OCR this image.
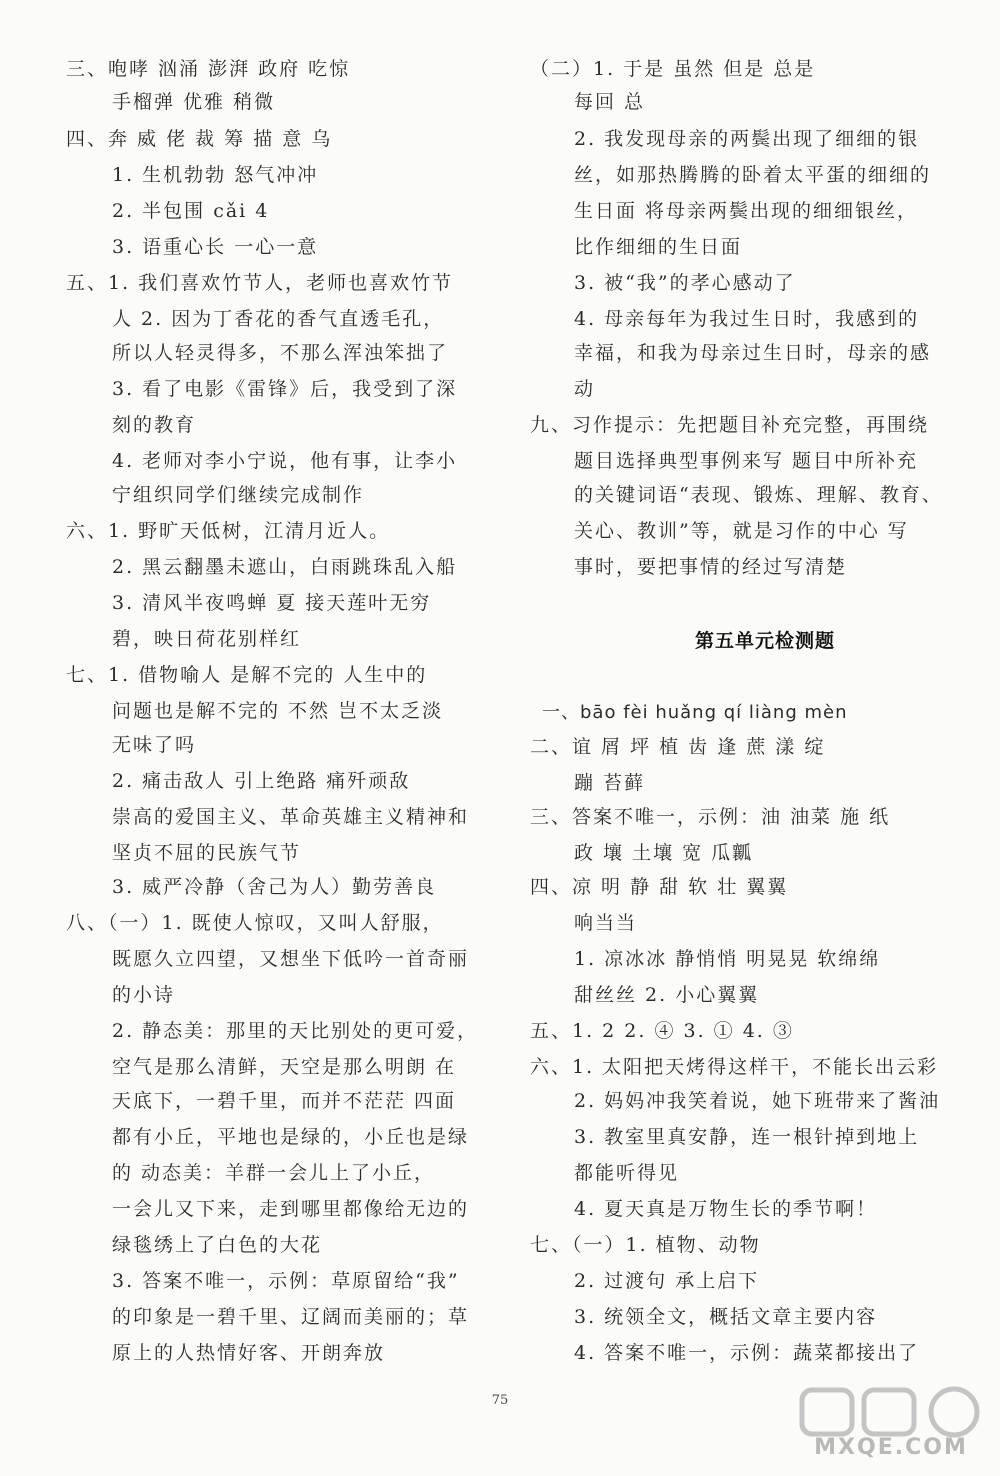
三、咆哮 汹涌 澎湃 政府 吃惊
手榴弹 优雅 稍微
四、奔 威 佬 裁 筹 描 意 乌
1. 生机勃勃 怒气冲冲
2. 半包围 cǎi 4
3. 语重心长 一心一意
五、1. 我们喜欢竹节人，老师也喜欢竹节
人 2. 因为丁香花的香气直透毛孔，
所以人轻灵得多，不那么浑浊笨拙了
3. 看了电影《雷锋》后，我受到了深
刻的教育
4. 老师对李小宁说，他有事，让李小
宁组织同学们继续完成制作
六、1. 野旷天低树，江清月近人。
2. 黑云翻墨未遮山，白雨跳珠乱入船
3. 清风半夜鸣蝉 夏 接天莲叶无穷
碧，映日荷花别样红
七、1. 借物喻人 是解不完的 人生中的
问题也是解不完的 不然 岂不太乏淡
无味了吗
2. 痛击敌人 引上绝路 痛歼顽敌
崇高的爱国主义、革命英雄主义精神和
坚贞不屈的民族气节
3. 威严冷静（舍己为人）勤劳善良
八、（一）1. 既使人惊叹，又叫人舒服，
既愿久立四望，又想坐下低吟一首奇丽
的小诗
2. 静态美：那里的天比别处的更可爱，
空气是那么清鲜，天空是那么明朗 在
天底下，一碧千里，而并不茫茫 四面
都有小丘，平地也是绿的，小丘也是绿
的 动态美：羊群一会儿上了小丘，
一会儿又下来，走到哪里都像给无边的
绿毯绣上了白色的大花
3. 答案不唯一，示例：草原留给“我”
的印象是一碧千里、辽阔而美丽的；草
原上的人热情好客、开朗奔放
（二）1. 于是 虽然 但是 总是
每回 总
2. 我发现母亲的两鬓出现了细细的银
丝，如那热腾腾的卧着太平蛋的细细的
生日面 将母亲两鬓出现的细细银丝，
比作细细的生日面
3. 被“我”的孝心感动了
4. 母亲每年为我过生日时，我感到的
幸福，和我为母亲过生日时，母亲的感
动
九、习作提示：先把题目补充完整，再围绕
题目选择典型事例来写 题目中所补充
的关键词语“表现、锻炼、理解、教育、
关心、教训”等，就是习作的中心 写
事时，要把事情的经过写清楚
第五单元检测题
一、bāo fèi huǎng qí liàng mèn
二、谊 屑 坪 植 齿 逢 蔗 漾 绽
蹦 苔藓
三、答案不唯一，示例：油 油菜 施 纸
政 壤 土壤 宽 瓜瓤
四、凉 明 静 甜 软 壮 翼翼
响当当
1. 凉冰冰 静悄悄 明晃晃 软绵绵
甜丝丝 2. 小心翼翼
五、1. 2 2. ④ 3. ① 4. ③
六、1. 太阳把天烤得这样干，不能长出云彩
2. 妈妈冲我笑着说，她下班带来了酱油
3. 教室里真安静，连一根针掉到地上
都能听得见
4. 夏天真是万物生长的季节啊！
七、（一）1. 植物、动物
2. 过渡句 承上启下
3. 统领全文，概括文章主要内容
4. 答案不唯一，示例：蔬菜都接出了
75
MXQE.COM
